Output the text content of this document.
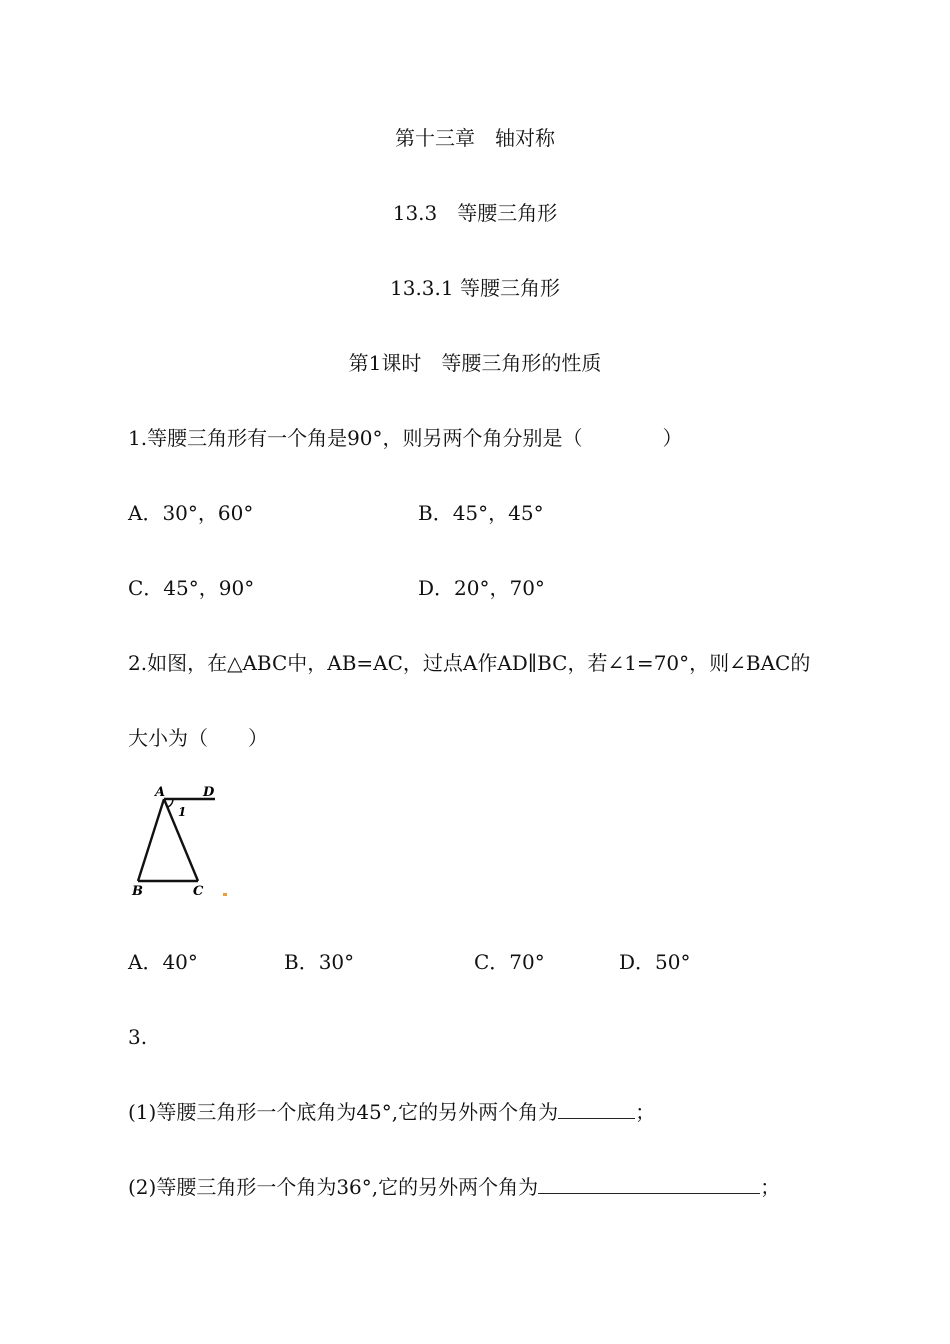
第十三章　轴对称
13.3　等腰三角形
13.3.1 等腰三角形
第1课时　等腰三角形的性质
1.等腰三角形有一个角是90°，则另两个角分别是（　　　　）
A．30°，60°	B．45°，45°
C．45°，90°	D．20°，70°
2.如图，在△ABC中，AB=AC，过点A作AD∥BC，若∠1=70°，则∠BAC的
大小为（　　）
A	D
1
B	C
A．40°	B．30°	C．70°	D．50°
3.
(1)等腰三角形一个底角为45°,它的另外两个角为	；
(2)等腰三角形一个角为36°,它的另外两个角为	；
